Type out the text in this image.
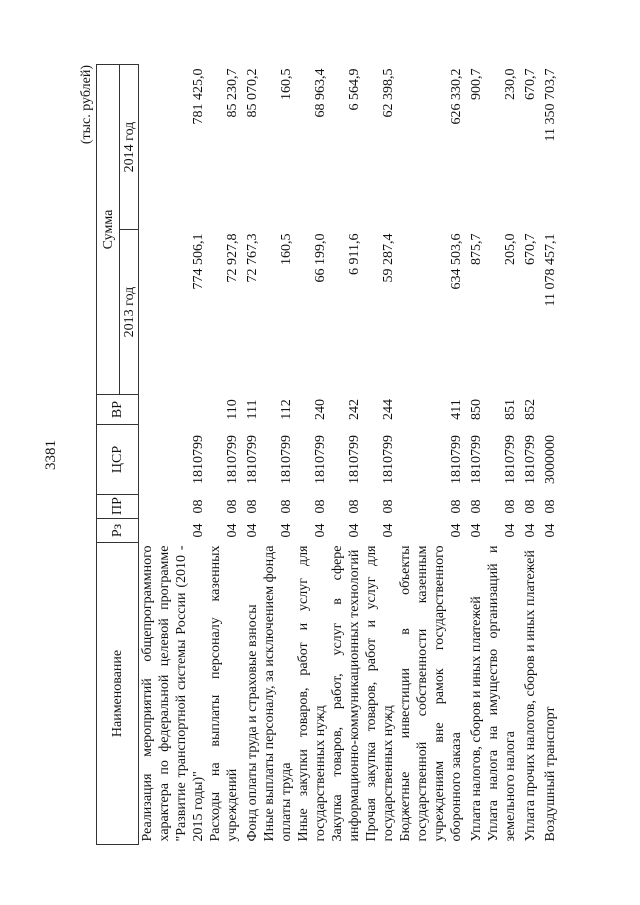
3381
(тыс. рублей)
Наименование	Рз	ПР	ЦСР	ВР	Сумма	
					2013 год	2014 год
Реализация мероприятий общепрограммного характера по федеральной целевой программе "Развитие транспортной системы России (2010 - 2015 годы)"	04	08	1810799		774 506,1	781 425,0
Расходы на выплаты персоналу казенных учреждений	04	08	1810799	110	72 927,8	85 230,7
Фонд оплаты труда и страховые взносы	04	08	1810799	111	72 767,3	85 070,2
Иные выплаты персоналу, за исключением фонда оплаты труда	04	08	1810799	112	160,5	160,5
Иные закупки товаров, работ и услуг для государственных нужд	04	08	1810799	240	66 199,0	68 963,4
Закупка товаров, работ, услуг в сфере информационно-коммуникационных технологий	04	08	1810799	242	6 911,6	6 564,9
Прочая закупка товаров, работ и услуг для государственных нужд	04	08	1810799	244	59 287,4	62 398,5
Бюджетные инвестиции в объекты государственной собственности казенным учреждениям вне рамок государственного оборонного заказа	04	08	1810799	411	634 503,6	626 330,2
Уплата налогов, сборов и иных платежей	04	08	1810799	850	875,7	900,7
Уплата налога на имущество организаций и земельного налога	04	08	1810799	851	205,0	230,0
Уплата прочих налогов, сборов и иных платежей	04	08	1810799	852	670,7	670,7
Воздушный транспорт	04	08	3000000		11 078 457,1	11 350 703,7
